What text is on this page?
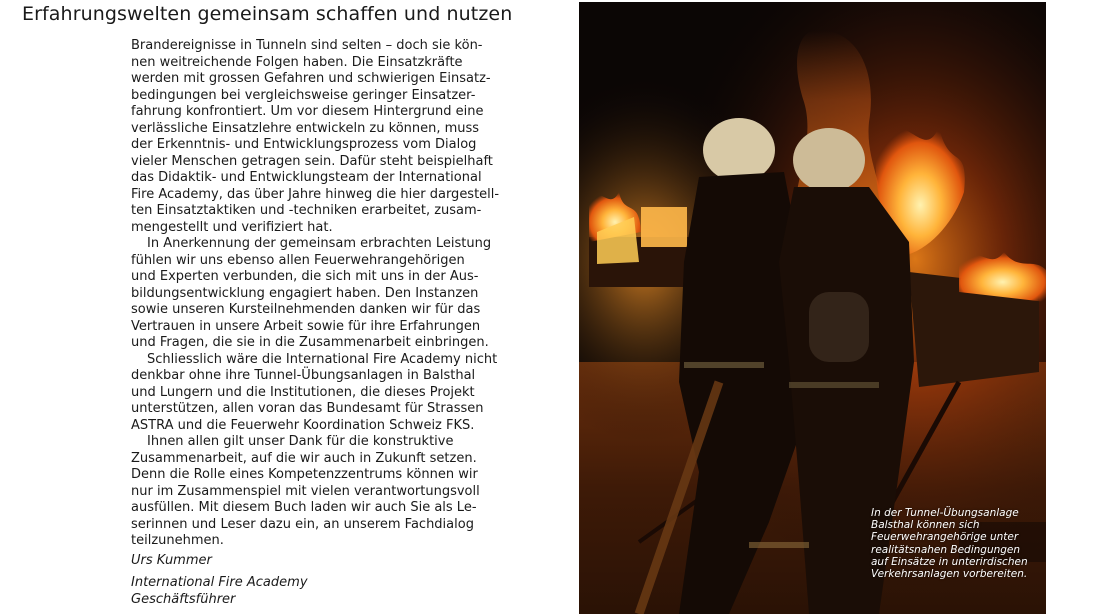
Erfahrungswelten gemeinsam schaffen und nutzen

Brandereignisse in Tunneln sind selten – doch sie kön-
nen weitreichende Folgen haben. Die Einsatzkräfte
werden mit grossen Gefahren und schwierigen Einsatz-
bedingungen bei vergleichsweise geringer Einsatzer-
fahrung konfrontiert. Um vor diesem Hintergrund eine
verlässliche Einsatzlehre entwickeln zu können, muss
der Erkenntnis- und Entwicklungsprozess vom Dialog
vieler Menschen getragen sein. Dafür steht beispielhaft
das Didaktik- und Entwicklungsteam der International
Fire Academy, das über Jahre hinweg die hier dargestell-
ten Einsatztaktiken und -techniken erarbeitet, zusam-
mengestellt und verifiziert hat.

In Anerkennung der gemeinsam erbrachten Leistung
fühlen wir uns ebenso allen Feuerwehrangehörigen
und Experten verbunden, die sich mit uns in der Aus-
bildungsentwicklung engagiert haben. Den Instanzen
sowie unseren Kursteilnehmenden danken wir für das
Vertrauen in unsere Arbeit sowie für ihre Erfahrungen
und Fragen, die sie in die Zusammenarbeit einbringen.

Schliesslich wäre die International Fire Academy nicht
denkbar ohne ihre Tunnel-Übungsanlagen in Balsthal
und Lungern und die Institutionen, die dieses Projekt
unterstützen, allen voran das Bundesamt für Strassen
ASTRA und die Feuerwehr Koordination Schweiz FKS.

Ihnen allen gilt unser Dank für die konstruktive
Zusammenarbeit, auf die wir auch in Zukunft setzen.
Denn die Rolle eines Kompetenzzentrums können wir
nur im Zusammenspiel mit vielen verantwortungsvoll
ausfüllen. Mit diesem Buch laden wir auch Sie als Le-
serinnen und Leser dazu ein, an unserem Fachdialog
teilzunehmen.

Urs Kummer
International Fire Academy
Geschäftsführer
In der Tunnel-Übungsanlage
Balsthal können sich
Feuerwehrangehörige unter
realitätsnahen Bedingungen
auf Einsätze in unterirdischen
Verkehrsanlagen vorbereiten.
